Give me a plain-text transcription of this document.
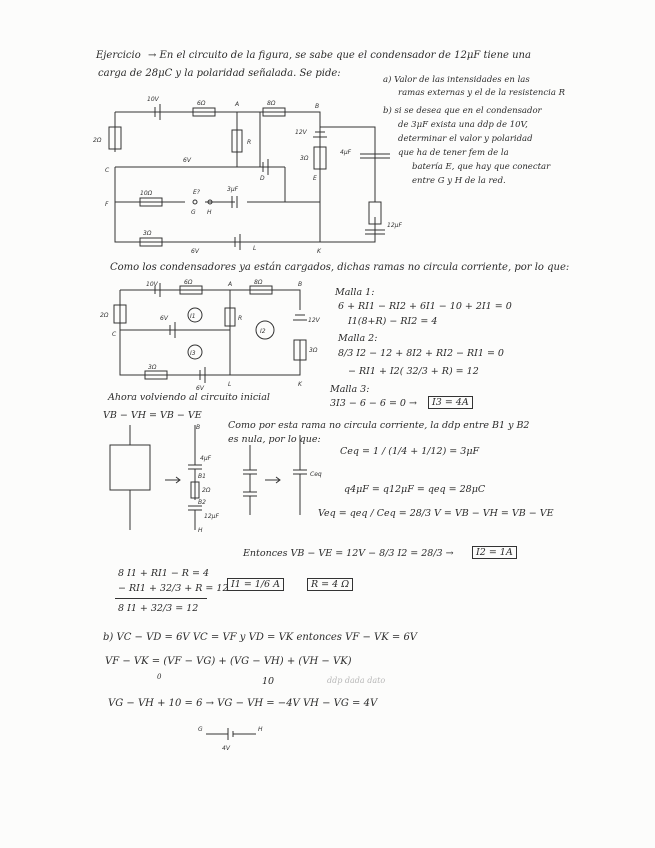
Ejercicio → En el circuito de la figura, se sabe que el condensador de 12μF tiene una
carga de 28μC y la polaridad señalada. Se pide:
a) Valor de las intensidades en las
ramas externas y el de la resistencia R
b) si se desea que en el condensador
de 3μF exista una ddp de 10V,
determinar el valor y polaridad
que ha de tener fem de la
batería E, que hay que conectar
entre G y H de la red.
10V
6Ω	A	8Ω	B
2Ω
C
12V
3Ω
R
6V
D	E
4μF
10Ω
F
E?	3μF
G H
12μF
3Ω
L	K
6V
Como los condensadores ya están cargados, dichas ramas no circula corriente, por lo que:
10V	6Ω	A	8Ω	B
2Ω
C
6V	R	12V
3Ω
I1
I2
I3
3Ω
6V
L	K
Malla 1:
6 + RI1 − RI2 + 6I1 − 10 + 2I1 = 0
I1(8+R) − RI2 = 4
Malla 2:
8/3 I2 − 12 + 8I2 + RI2 − RI1 = 0
− RI1 + I2( 32/3 + R) = 12
Malla 3:
3I3 − 6 − 6 = 0 →	I3 = 4A
Ahora volviendo al circuito inicial
VB − VH = VB − VE
Como por esta rama no circula corriente, la ddp entre B1 y B2
es nula, por lo que:
B
4μF
B1
2Ω
B2
12μF
H
Ceq
Ceq = 1 / (1/4 + 1/12) = 3μF
q4μF = q12μF = qeq = 28μC
Veq = qeq / Ceq = 28/3 V = VB − VH = VB − VE
Entonces VB − VE = 12V − 8/3 I2 = 28/3 →	I2 = 1A
8 I1 + RI1 − R = 4
− RI1 + 32/3 + R = 12
8 I1 + 32/3 = 12
I1 = 1/6 A	R = 4 Ω
b) VC − VD = 6V VC = VF y VD = VK entonces VF − VK = 6V
VF − VK = (VF − VG) + (VG − VH) + (VH − VK)
0	10	ddp dada dato
VG − VH + 10 = 6 → VG − VH = −4V VH − VG = 4V
G	H
4V
